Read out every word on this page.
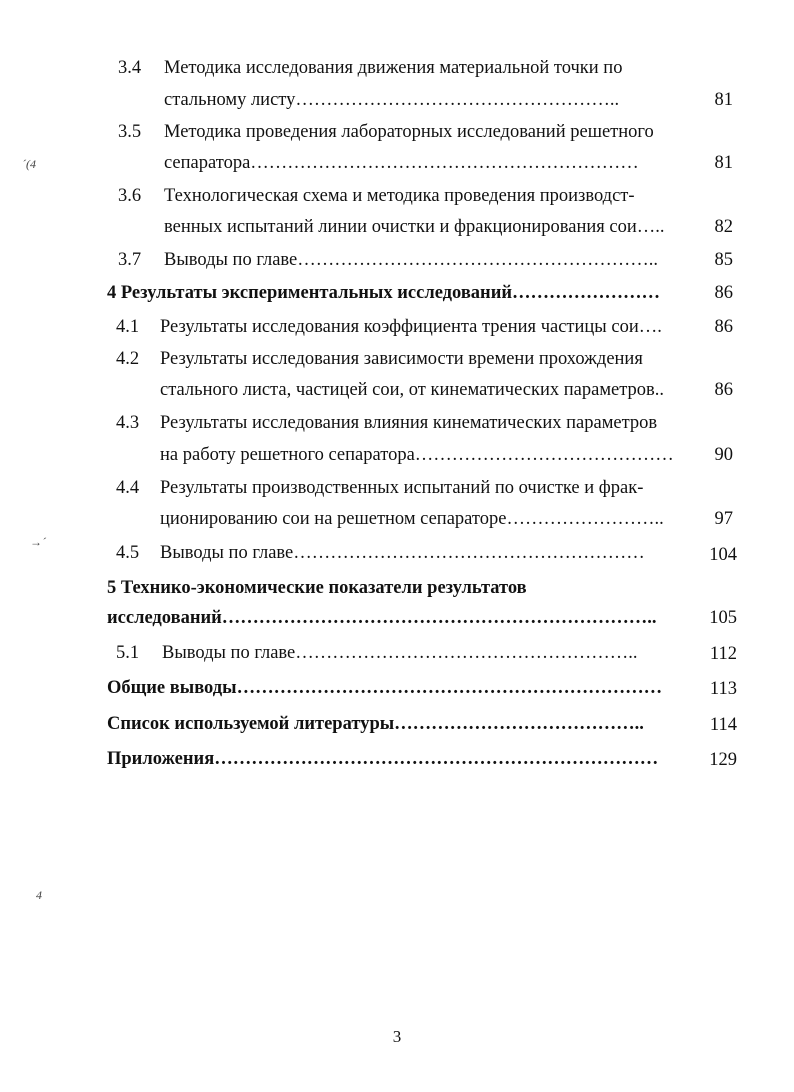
3.4 Методика исследования движения материальной точки по
стальному листу……………………………………………..	81
3.5 Методика проведения лабораторных исследований решетного
сепаратора………………………………………………………	81
3.6 Технологическая схема и методика проведения производст-
венных испытаний линии очистки и фракционирования сои…..	82
3.7 Выводы по главе…………………………………………………..	85
4 Результаты экспериментальных исследований……………………	86
4.1 Результаты исследования коэффициента трения частицы сои….	86
4.2 Результаты исследования зависимости времени прохождения
стального листа, частицей сои, от кинематических параметров..	86
4.3 Результаты исследования влияния кинематических параметров
на работу решетного сепаратора……………………………………	90
4.4 Результаты производственных испытаний по очистке и фрак-
ционированию сои на решетном сепараторе……………………..	97
4.5 Выводы по главе…………………………………………………	104
5 Технико-экономические показатели результатов
исследований……………………………………………………………..	105
5.1 Выводы по главе………………………………………………..	112
Общие выводы……………………………………………………………	113
Список используемой литературы…………………………………..	114
Приложения………………………………………………………………	129
´(4
→´
4 
3
